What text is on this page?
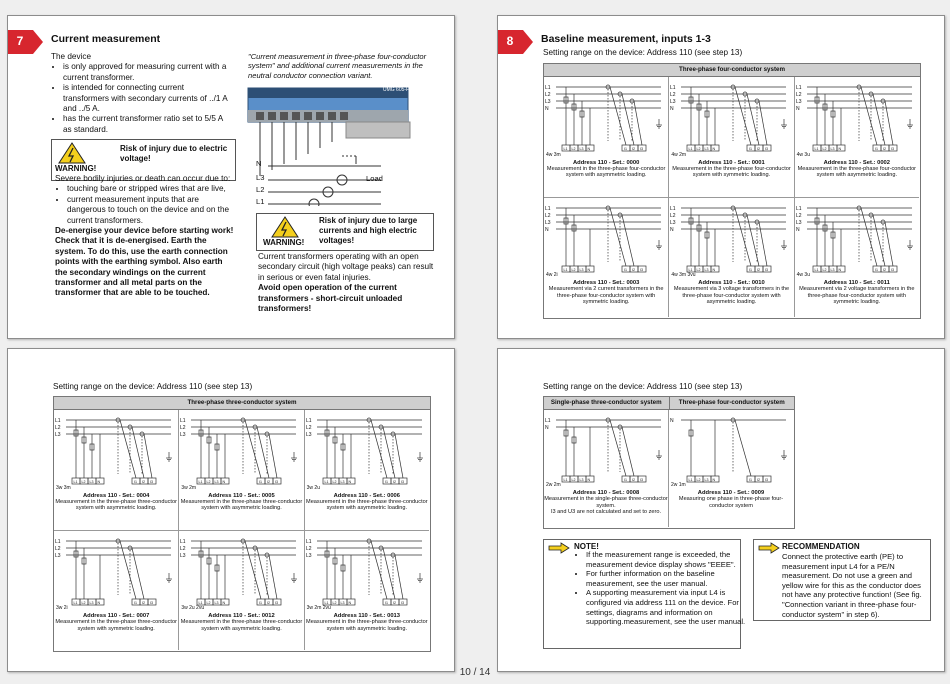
7	Current measurement
The device
• is only approved for measuring current with a current transformer.
• is intended for connecting current transformers with secondary currents of ../1 A and ../5 A.
• has the current transformer ratio set to 5/5 A as standard.
"Current measurement in three-phase four-conductor system" and additional current measurements in the neutral conductor connection variant.
UMG 605-PRO
N
L3
L2
L1
Load
WARNING!
Risk of injury due to electric voltage!
Severe bodily injuries or death can occur due to:
• touching bare or stripped wires that are live,
• current measurement inputs that are dangerous to touch on the device and on the current transformers.
De-energise your device before starting work! Check that it is de-energised. Earth the system. To do this, use the earth connection points with the earthing symbol. Also earth the secondary windings on the current transformer and all metal parts on the transformer that are able to be touched.
WARNING!
Risk of injury due to large currents and high electric voltages!
Current transformers operating with an open secondary circuit (high voltage peaks) can result in serious or even fatal injuries.
Avoid open operation of the current transformers - short-circuit unloaded transformers!
8	Baseline measurement, inputs 1-3
Setting range on the device: Address 110 (see step 13)
Three-phase four-conductor system
L1
L2
L3
N
L1 L2 L3 N	I1 I2 I3
4w 3m
Address 110 - Set.: 0000
Measurement in the three-phase four-conductor system with asymmetric loading.
L1
L2
L3
N
L1 L2 L3 N	I1 I2 I3
4w 2m
Address 110 - Set.: 0001
Measurement in the three-phase four-conductor system with symmetric loading.
L1
L2
L3
N
L1 L2 L3 N	I1 I2 I3
4w 3u
Address 110 - Set.: 0002
Measurement in the three-phase four-conductor system with asymmetric loading.
L1
L2
L3
N
L1 L2 L3 N	I1 I2 I3
4w 2i
Address 110 - Set.: 0003
Measurement via 2 current transformers in the three-phase four-conductor system with symmetric loading.
L1
L2
L3
N
L1 L2 L3 N	I1 I2 I3
4w 3m 3vu
Address 110 - Set.: 0010
Measurement via 3 voltage transformers in the three-phase four-conductor system with asymmetric loading.
L1
L2
L3
N
L1 L2 L3 N	I1 I2 I3
4w 3u
Address 110 - Set.: 0011
Measurement via 2 voltage transformers in the three-phase four-conductor system with symmetric loading.
Setting range on the device: Address 110 (see step 13)
Three-phase three-conductor system
L1
L2
L3
L1 L2 L3 N	I1 I2 I3
3w 3m
Address 110 - Set.: 0004
Measurement in the three-phase three-conductor system with asymmetric loading.
L1
L2
L3
L1 L2 L3 N	I1 I2 I3
3w 2m
Address 110 - Set.: 0005
Measurement in the three-phase three-conductor system with asymmetric loading.
L1
L2
L3
L1 L2 L3 N	I1 I2 I3
3w 2u
Address 110 - Set.: 0006
Measurement in the three-phase three-conductor system with asymmetric loading.
L1
L2
L3
L1 L2 L3 N	I1 I2 I3
3w 2i
Address 110 - Set.: 0007
Measurement in the three-phase three-conductor system with symmetric loading.
L1
L2
L3
L1 L2 L3 N	I1 I2 I3
3w 2u 2vu
Address 110 - Set.: 0012
Measurement in the three-phase three-conductor system with asymmetric loading.
L1
L2
L3
L1 L2 L3 N	I1 I2 I3
3w 2m 2vu
Address 110 - Set.: 0013
Measurement in the three-phase three-conductor system with asymmetric loading.
Setting range on the device: Address 110 (see step 13)
Single-phase three-conductor system	Three-phase four-conductor system
L1
N
L1 L2 L3 N	I1 I2 I3
2w 2m
Address 110 - Set.: 0008
Measurement in the single-phase three-conductor system.
I3 and U3 are not calculated and set to zero.
N
L1 L2 L3 N	I1 I2 I3
2w 1m
Address 110 - Set.: 0009
Measuring one phase in three-phase four-conductor system
NOTE!
• If the measurement range is exceeded, the measurement device display shows "EEEE".
• For further information on the baseline measurement, see the user manual.
• A supporting measurement via input L4 is configured via address 111 on the device. For settings, diagrams and information on supporting.measurement, see the user manual.
RECOMMENDATION
Connect the protective earth (PE) to measurement input L4 for a PE/N measurement. Do not use a green and yellow wire for this as the conductor does not have any protective function! (See fig. "Connection variant in three-phase four-conductor system" in step 6).
10 / 14
